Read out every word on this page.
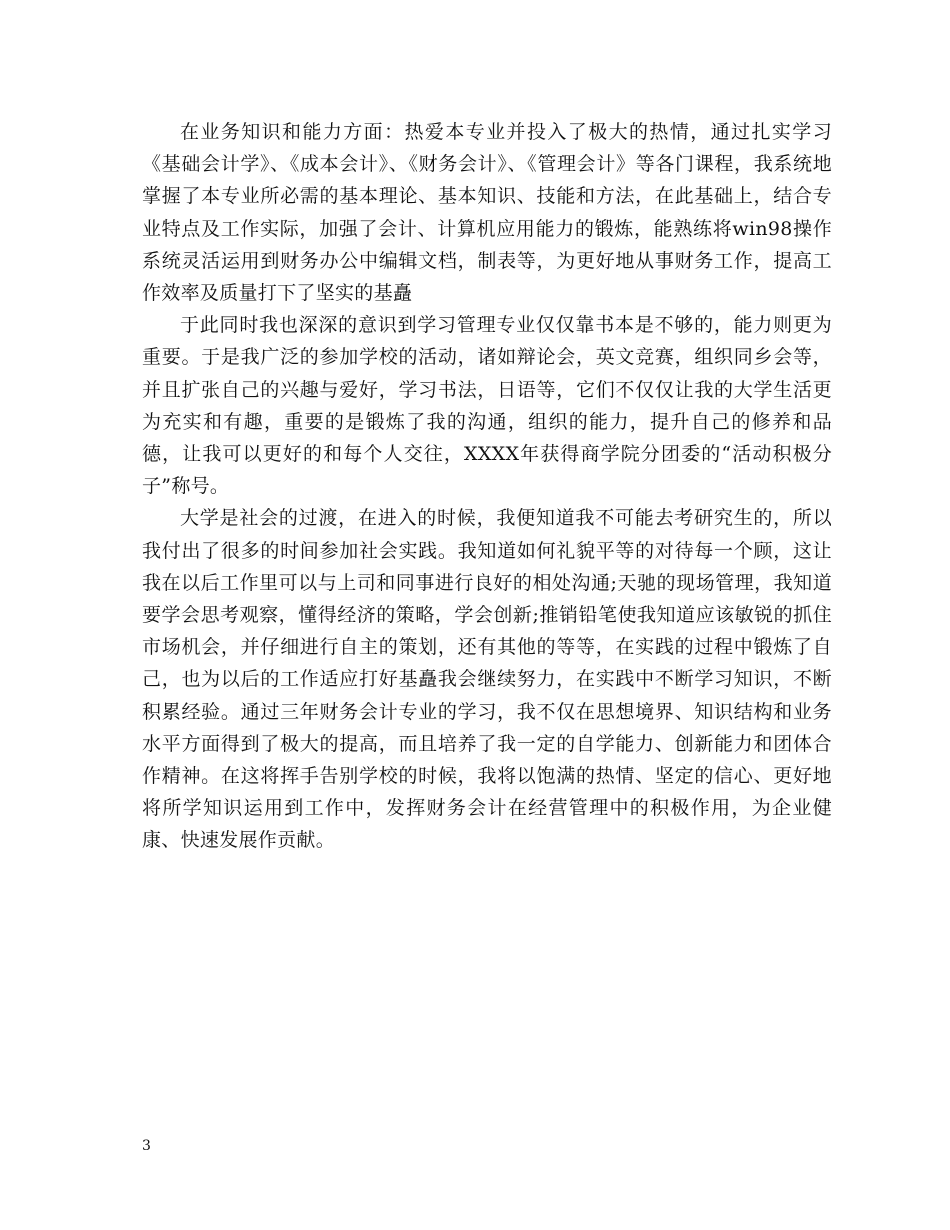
在业务知识和能力方面：热爱本专业并投入了极大的热情，通过扎实学习《基础会计学》、《成本会计》、《财务会计》、《管理会计》等各门课程，我系统地掌握了本专业所必需的基本理论、基本知识、技能和方法，在此基础上，结合专业特点及工作实际，加强了会计、计算机应用能力的锻炼，能熟练将win98操作系统灵活运用到财务办公中编辑文档，制表等，为更好地从事财务工作，提高工作效率及质量打下了坚实的基矗

于此同时我也深深的意识到学习管理专业仅仅靠书本是不够的，能力则更为重要。于是我广泛的参加学校的活动，诸如辩论会，英文竞赛，组织同乡会等，并且扩张自己的兴趣与爱好，学习书法，日语等，它们不仅仅让我的大学生活更为充实和有趣，重要的是锻炼了我的沟通，组织的能力，提升自己的修养和品德，让我可以更好的和每个人交往，XXXX年获得商学院分团委的“活动积极分子”称号。

大学是社会的过渡，在进入的时候，我便知道我不可能去考研究生的，所以我付出了很多的时间参加社会实践。我知道如何礼貌平等的对待每一个顾，这让我在以后工作里可以与上司和同事进行良好的相处沟通;天驰的现场管理，我知道要学会思考观察，懂得经济的策略，学会创新;推销铅笔使我知道应该敏锐的抓住市场机会，并仔细进行自主的策划，还有其他的等等，在实践的过程中锻炼了自己，也为以后的工作适应打好基矗我会继续努力，在实践中不断学习知识，不断积累经验。通过三年财务会计专业的学习，我不仅在思想境界、知识结构和业务水平方面得到了极大的提高，而且培养了我一定的自学能力、创新能力和团体合作精神。在这将挥手告别学校的时候，我将以饱满的热情、坚定的信心、更好地将所学知识运用到工作中，发挥财务会计在经营管理中的积极作用，为企业健康、快速发展作贡献。

3
